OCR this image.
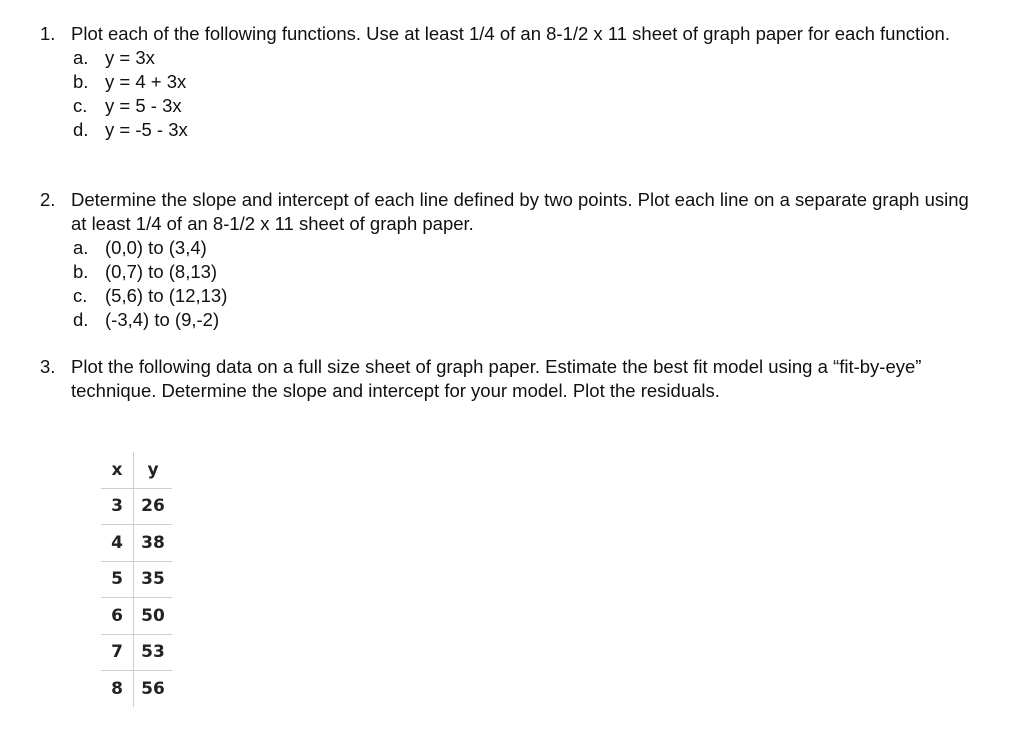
1. Plot each of the following functions. Use at least 1/4 of an 8-1/2 x 11 sheet of graph paper for each function.
a. y = 3x
b. y = 4 + 3x
c. y = 5 - 3x
d. y = -5 - 3x
2. Determine the slope and intercept of each line defined by two points. Plot each line on a separate graph using at least 1/4 of an 8-1/2 x 11 sheet of graph paper.
a. (0,0) to (3,4)
b. (0,7) to (8,13)
c. (5,6) to (12,13)
d. (-3,4) to (9,-2)
3. Plot the following data on a full size sheet of graph paper. Estimate the best fit model using a “fit-by-eye” technique. Determine the slope and intercept for your model. Plot the residuals.
x	y
3	26
4	38
5	35
6	50
7	53
8	56
